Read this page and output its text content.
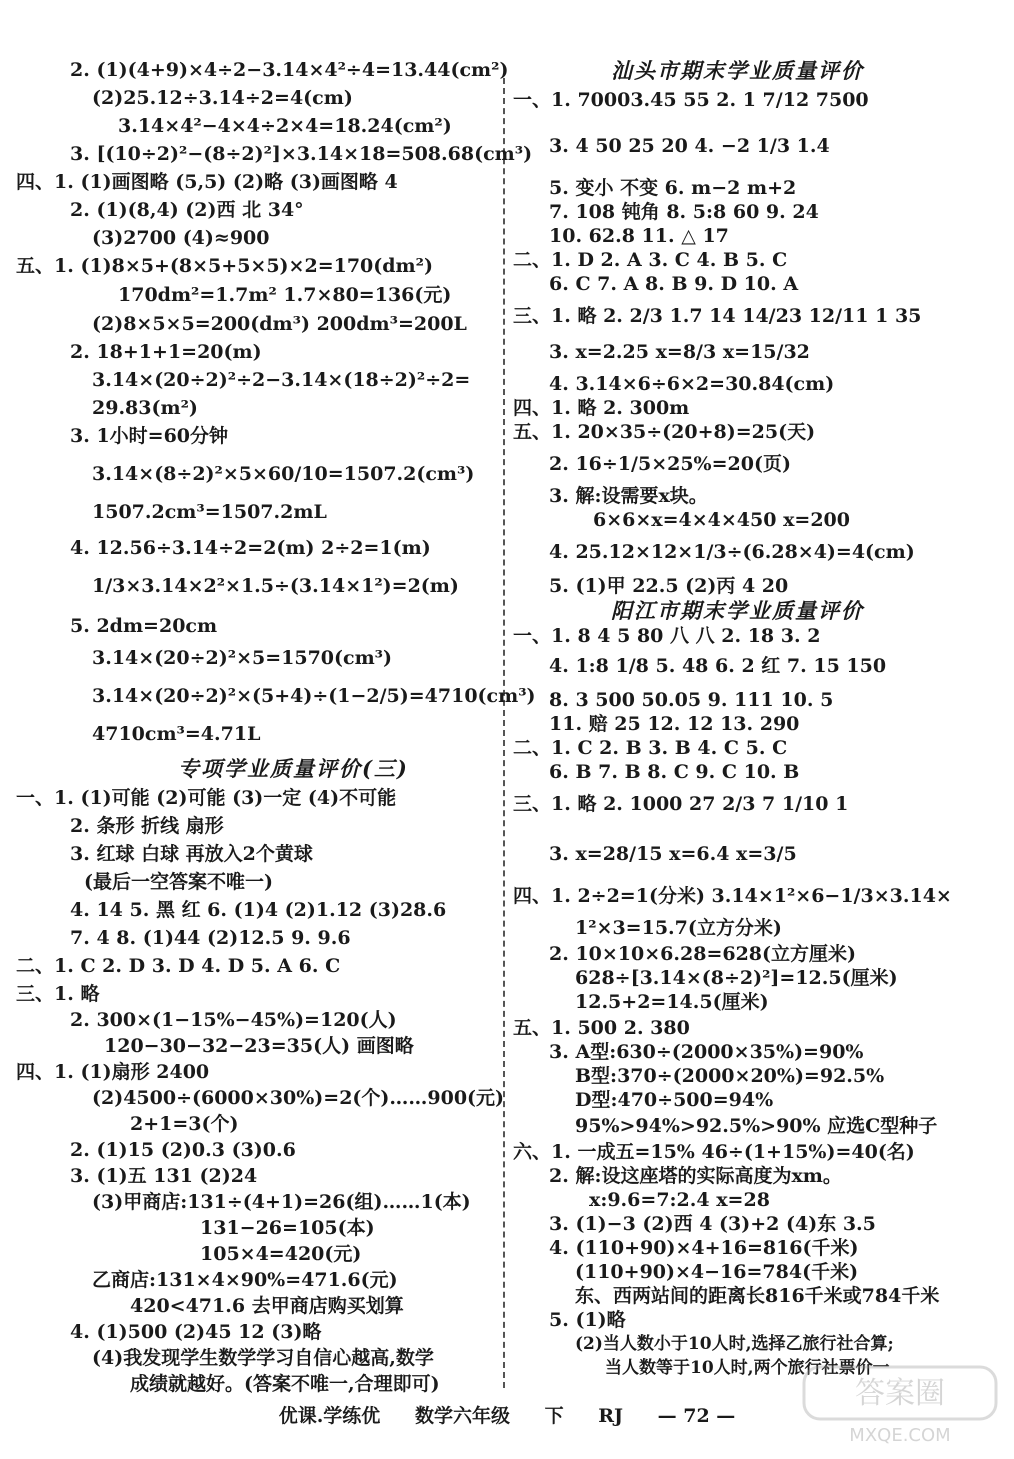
2. (1)(4+9)×4÷2−3.14×4²÷4=13.44(cm²)
(2)25.12÷3.14÷2=4(cm)
3.14×4²−4×4÷2×4=18.24(cm²)
3. [(10÷2)²−(8÷2)²]×3.14×18=508.68(cm³)
四、1. (1)画图略 (5,5) (2)略 (3)画图略 4
2. (1)(8,4) (2)西 北 34°
(3)2700 (4)≈900
五、1. (1)8×5+(8×5+5×5)×2=170(dm²)
170dm²=1.7m² 1.7×80=136(元)
(2)8×5×5=200(dm³) 200dm³=200L
2. 18+1+1=20(m)
3.14×(20÷2)²÷2−3.14×(18÷2)²÷2=
29.83(m²)
3. 1小时=60分钟
3.14×(8÷2)²×5×60/10=1507.2(cm³)
1507.2cm³=1507.2mL
4. 12.56÷3.14÷2=2(m) 2÷2=1(m)
1/3×3.14×2²×1.5÷(3.14×1²)=2(m)
5. 2dm=20cm
3.14×(20÷2)²×5=1570(cm³)
3.14×(20÷2)²×(5+4)÷(1−2/5)=4710(cm³)
4710cm³=4.71L
专项学业质量评价(三)
一、1. (1)可能 (2)可能 (3)一定 (4)不可能
2. 条形 折线 扇形
3. 红球 白球 再放入2个黄球
(最后一空答案不唯一)
4. 14 5. 黑 红 6. (1)4 (2)1.12 (3)28.6
7. 4 8. (1)44 (2)12.5 9. 9.6
二、1. C 2. D 3. D 4. D 5. A 6. C
三、1. 略
2. 300×(1−15%−45%)=120(人)
120−30−32−23=35(人) 画图略
四、1. (1)扇形 2400
(2)4500÷(6000×30%)=2(个)……900(元)
2+1=3(个)
2. (1)15 (2)0.3 (3)0.6
3. (1)五 131 (2)24
(3)甲商店:131÷(4+1)=26(组)……1(本)
131−26=105(本)
105×4=420(元)
乙商店:131×4×90%=471.6(元)
420<471.6 去甲商店购买划算
4. (1)500 (2)45 12 (3)略
(4)我发现学生数学学习自信心越高,数学
成绩就越好。(答案不唯一,合理即可)
汕头市期末学业质量评价
一、1. 70003.45 55 2. 1 7/12 7500
3. 4 50 25 20 4. −2 1/3 1.4
5. 变小 不变 6. m−2 m+2
7. 108 钝角 8. 5:8 60 9. 24
10. 62.8 11. △ 17
二、1. D 2. A 3. C 4. B 5. C
6. C 7. A 8. B 9. D 10. A
三、1. 略 2. 2/3 1.7 14 14/23 12/11 1 35
3. x=2.25 x=8/3 x=15/32
4. 3.14×6÷6×2=30.84(cm)
四、1. 略 2. 300m
五、1. 20×35÷(20+8)=25(天)
2. 16÷1/5×25%=20(页)
3. 解:设需要x块。
6×6×x=4×4×450 x=200
4. 25.12×12×1/3÷(6.28×4)=4(cm)
5. (1)甲 22.5 (2)丙 4 20
阳江市期末学业质量评价
一、1. 8 4 5 80 八 八 2. 18 3. 2
4. 1:8 1/8 5. 48 6. 2 红 7. 15 150
8. 3 500 50.05 9. 111 10. 5
11. 赔 25 12. 12 13. 290
二、1. C 2. B 3. B 4. C 5. C
6. B 7. B 8. C 9. C 10. B
三、1. 略 2. 1000 27 2/3 7 1/10 1
3. x=28/15 x=6.4 x=3/5
四、1. 2÷2=1(分米) 3.14×1²×6−1/3×3.14×
1²×3=15.7(立方分米)
2. 10×10×6.28=628(立方厘米)
628÷[3.14×(8÷2)²]=12.5(厘米)
12.5+2=14.5(厘米)
五、1. 500 2. 380
3. A型:630÷(2000×35%)=90%
B型:370÷(2000×20%)=92.5%
D型:470÷500=94%
95%>94%>92.5%>90% 应选C型种子
六、1. 一成五=15% 46÷(1+15%)=40(名)
2. 解:设这座塔的实际高度为xm。
x:9.6=7:2.4 x=28
3. (1)−3 (2)西 4 (3)+2 (4)东 3.5
4. (110+90)×4+16=816(千米)
(110+90)×4−16=784(千米)
东、西两站间的距离长816千米或784千米
5. (1)略
(2)当人数小于10人时,选择乙旅行社合算;
当人数等于10人时,两个旅行社票价一
优课.学练优 数学六年级 下 RJ — 72 —
答案圈
MXQE.COM
